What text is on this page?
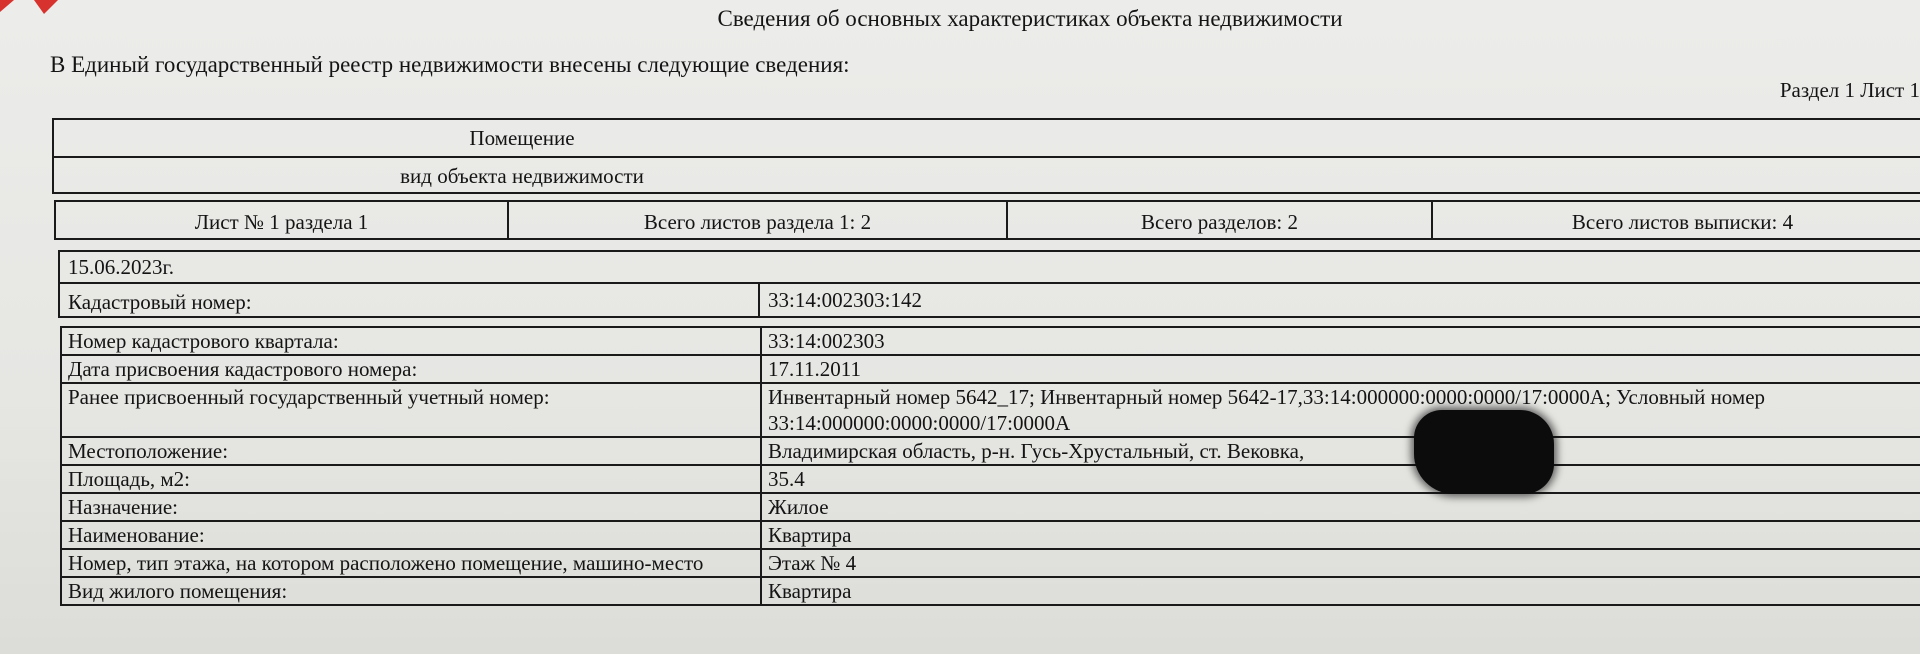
Сведения об основных характеристиках объекта недвижимости
В Единый государственный реестр недвижимости внесены следующие сведения:
Раздел 1 Лист 1
Помещение
вид объекта недвижимости
Лист № 1 раздела 1	Всего листов раздела 1: 2	Всего разделов: 2	Всего листов выписки: 4
15.06.2023г.
Кадастровый номер:	33:14:002303:142
Номер кадастрового квартала:	33:14:002303
Дата присвоения кадастрового номера:	17.11.2011
Ранее присвоенный государственный учетный номер:	Инвентарный номер 5642_17; Инвентарный номер 5642-17,33:14:000000:0000:0000/17:0000А; Условный номер 33:14:000000:0000:0000/17:0000А
Местоположение:	Владимирская область, р-н. Гусь-Хрустальный, ст. Вековка,
Площадь, м2:	35.4
Назначение:	Жилое
Наименование:	Квартира
Номер, тип этажа, на котором расположено помещение, машино-место	Этаж № 4
Вид жилого помещения:	Квартира
